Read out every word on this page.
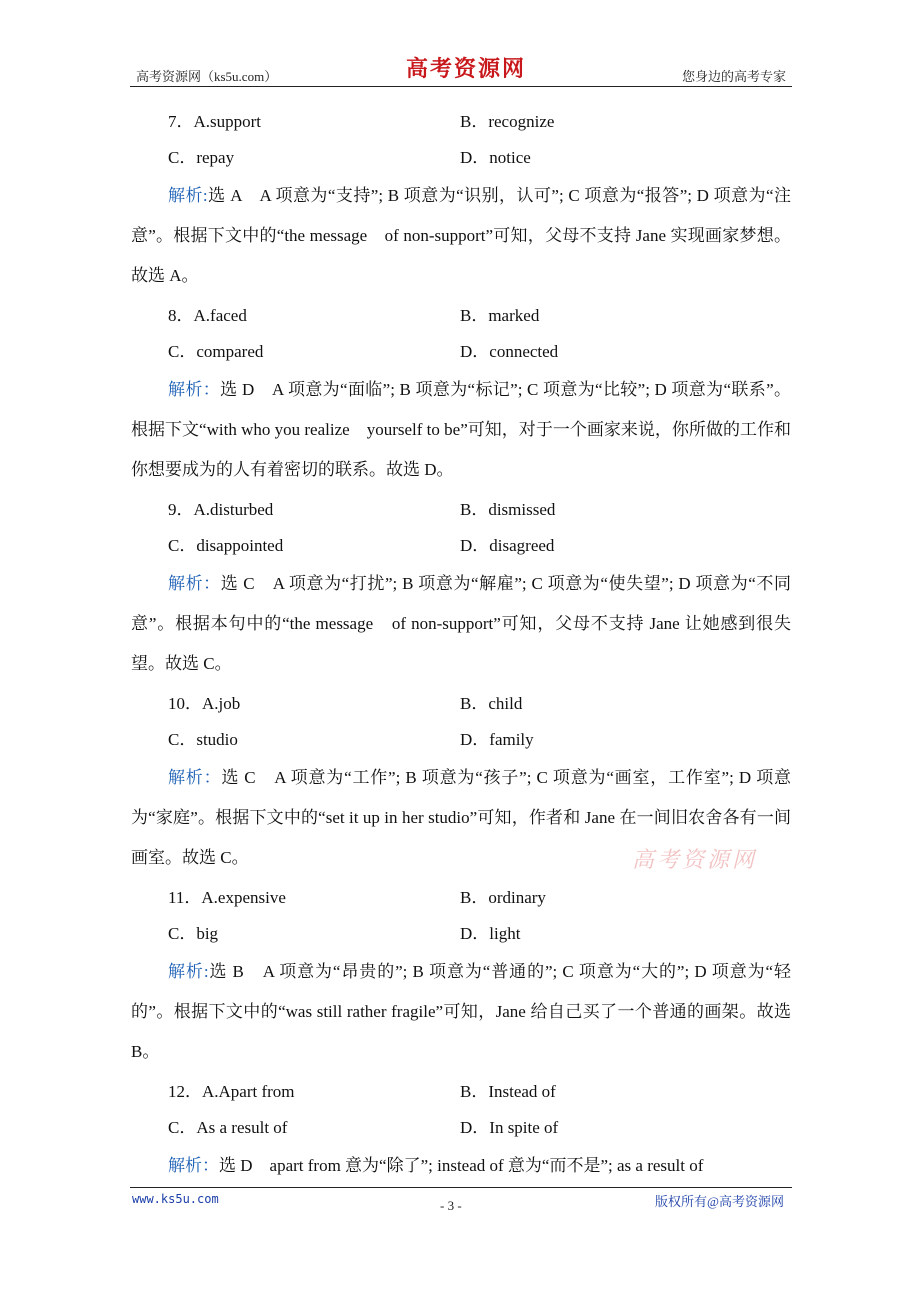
高考资源网（ks5u.com）	高考资源网	您身边的高考专家
7．A.support	B．recognize
C．repay	D．notice

解析:选 A　A 项意为“支持”; B 项意为“识别，认可”; C 项意为“报答”; D 项意为“注意”。根据下文中的“the message　of non-support”可知，父母不支持 Jane 实现画家梦想。故选 A。

8．A.faced	B．marked
C．compared	D．connected

解析：选 D　A 项意为“面临”; B 项意为“标记”; C 项意为“比较”; D 项意为“联系”。根据下文“with who you realize　yourself to be”可知，对于一个画家来说，你所做的工作和你想要成为的人有着密切的联系。故选 D。

9．A.disturbed	B．dismissed
C．disappointed	D．disagreed

解析：选 C　A 项意为“打扰”; B 项意为“解雇”; C 项意为“使失望”; D 项意为“不同意”。根据本句中的“the message　of non-support”可知，父母不支持 Jane 让她感到很失望。故选 C。

10．A.job	B．child
C．studio	D．family

解析：选 C　A 项意为“工作”; B 项意为“孩子”; C 项意为“画室，工作室”; D 项意为“家庭”。根据下文中的“set it up in her studio”可知，作者和 Jane 在一间旧农舍各有一间画室。故选 C。

11．A.expensive	B．ordinary
C．big	D．light

解析:选 B　A 项意为“昂贵的”; B 项意为“普通的”; C 项意为“大的”; D 项意为“轻的”。根据下文中的“was still rather fragile”可知，Jane 给自己买了一个普通的画架。故选 B。

12．A.Apart from	B．Instead of
C．As a result of	D．In spite of

解析：选 D　apart from 意为“除了”; instead of 意为“而不是”; as a result of

高考资源网
www.ks5u.com	- 3 -	版权所有@高考资源网
